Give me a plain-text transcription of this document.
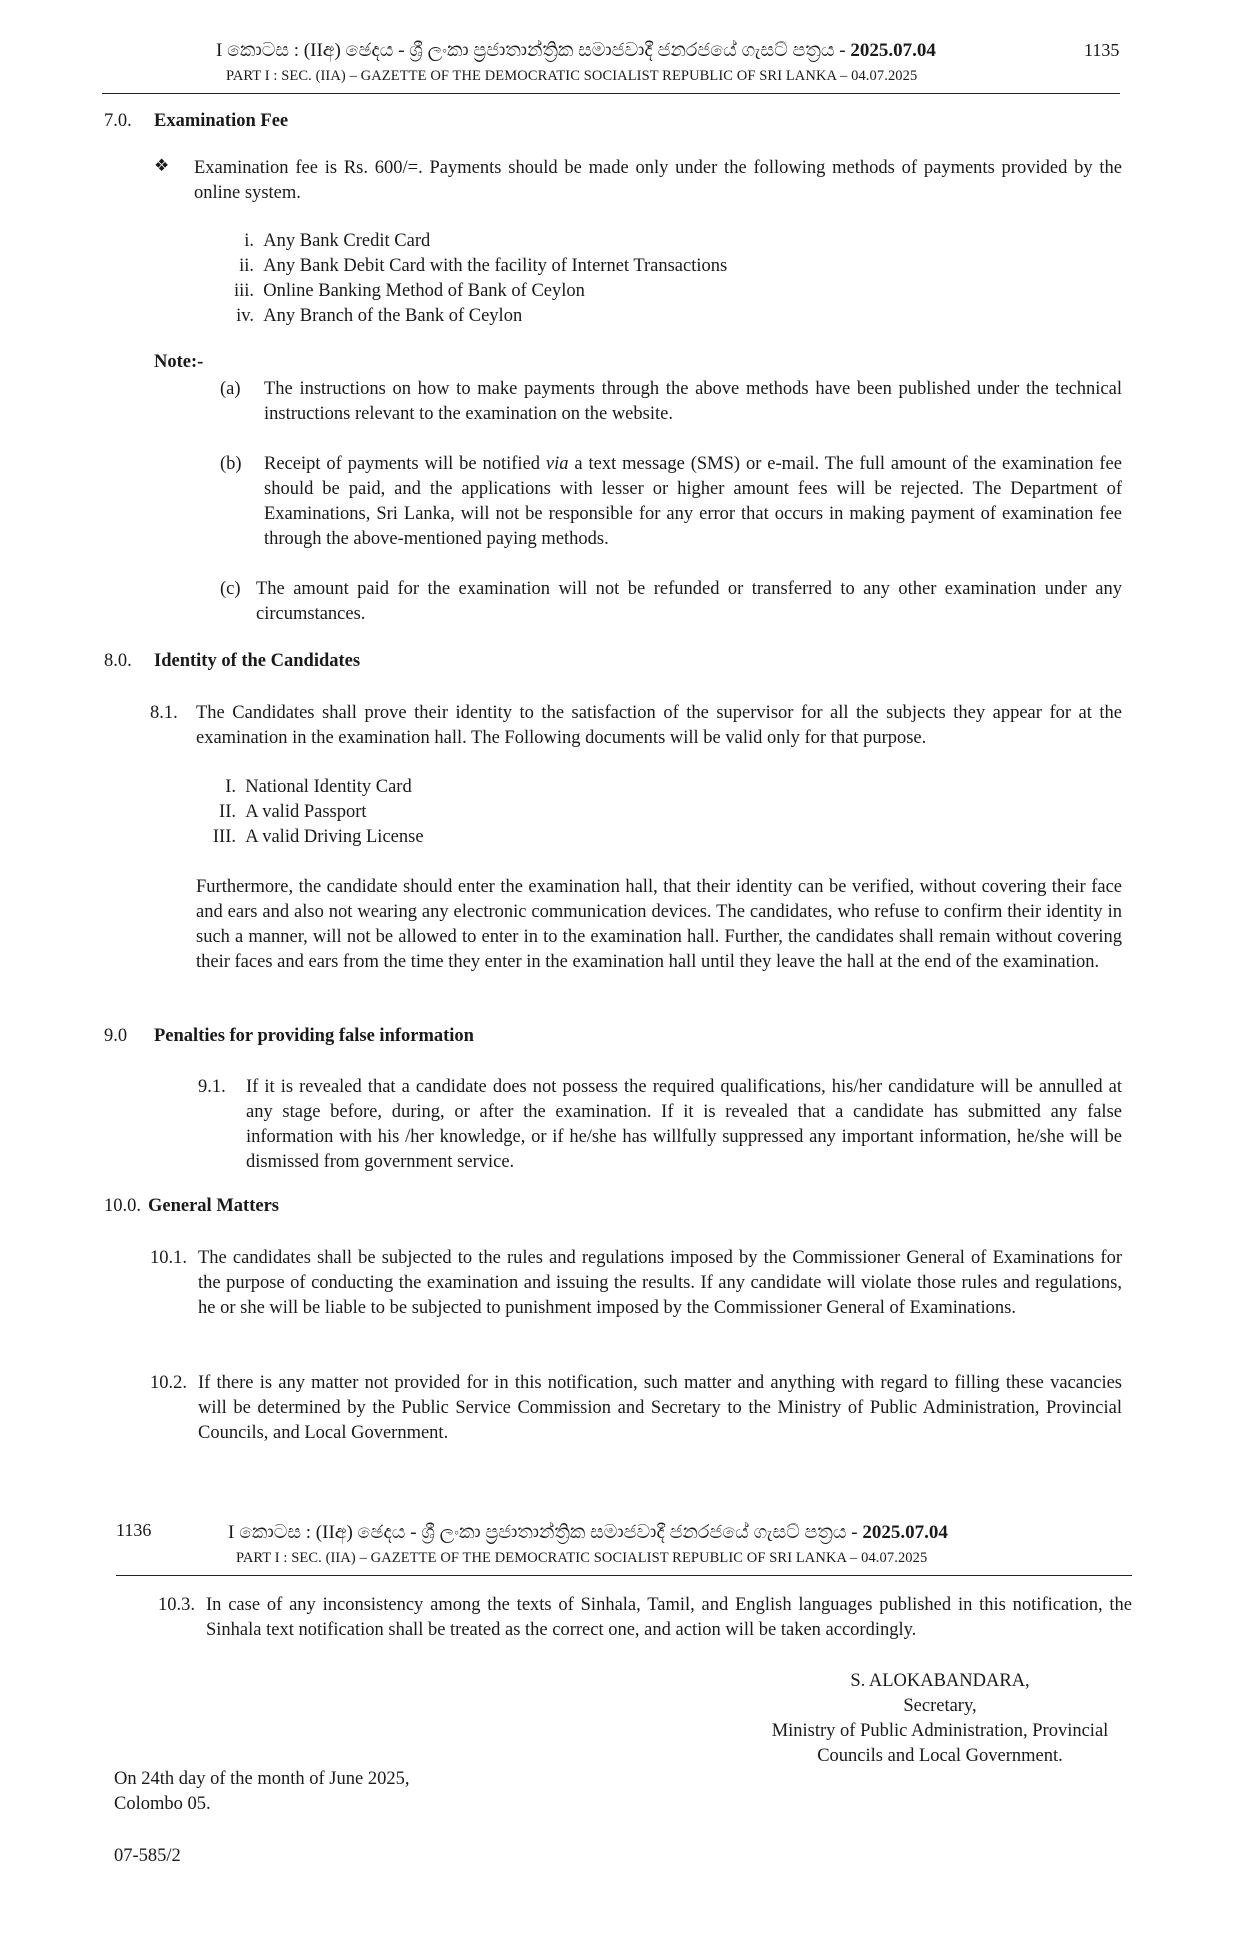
I කොටස : (IIඅ) ඡෙදය - ශ්‍රී ලංකා ප්‍රජාතාන්ත්‍රික සමාජවාදී ජනරජයේ ගැසට් පත්‍රය - 2025.07.04	1135
PART I : SEC. (IIA) – GAZETTE OF THE DEMOCRATIC SOCIALIST REPUBLIC OF SRI LANKA – 04.07.2025
7.0. Examination Fee
❖ Examination fee is Rs. 600/=. Payments should be made only under the following methods of payments provided by the online system.
i. Any Bank Credit Card
ii. Any Bank Debit Card with the facility of Internet Transactions
iii. Online Banking Method of Bank of Ceylon
iv. Any Branch of the Bank of Ceylon
Note:-
(a) The instructions on how to make payments through the above methods have been published under the technical instructions relevant to the examination on the website.
(b) Receipt of payments will be notified via a text message (SMS) or e-mail. The full amount of the examination fee should be paid, and the applications with lesser or higher amount fees will be rejected. The Department of Examinations, Sri Lanka, will not be responsible for any error that occurs in making payment of examination fee through the above-mentioned paying methods.
(c) The amount paid for the examination will not be refunded or transferred to any other examination under any circumstances.
8.0. Identity of the Candidates
8.1. The Candidates shall prove their identity to the satisfaction of the supervisor for all the subjects they appear for at the examination in the examination hall. The Following documents will be valid only for that purpose.
I. National Identity Card
II. A valid Passport
III. A valid Driving License
Furthermore, the candidate should enter the examination hall, that their identity can be verified, without covering their face and ears and also not wearing any electronic communication devices. The candidates, who refuse to confirm their identity in such a manner, will not be allowed to enter in to the examination hall. Further, the candidates shall remain without covering their faces and ears from the time they enter in the examination hall until they leave the hall at the end of the examination.
9.0 Penalties for providing false information
9.1. If it is revealed that a candidate does not possess the required qualifications, his/her candidature will be annulled at any stage before, during, or after the examination. If it is revealed that a candidate has submitted any false information with his /her knowledge, or if he/she has willfully suppressed any important information, he/she will be dismissed from government service.
10.0. General Matters
10.1. The candidates shall be subjected to the rules and regulations imposed by the Commissioner General of Examinations for the purpose of conducting the examination and issuing the results. If any candidate will violate those rules and regulations, he or she will be liable to be subjected to punishment imposed by the Commissioner General of Examinations.
10.2. If there is any matter not provided for in this notification, such matter and anything with regard to filling these vacancies will be determined by the Public Service Commission and Secretary to the Ministry of Public Administration, Provincial Councils, and Local Government.
1136	I කොටස : (IIඅ) ඡෙදය - ශ්‍රී ලංකා ප්‍රජාතාන්ත්‍රික සමාජවාදී ජනරජයේ ගැසට් පත්‍රය - 2025.07.04
PART I : SEC. (IIA) – GAZETTE OF THE DEMOCRATIC SOCIALIST REPUBLIC OF SRI LANKA – 04.07.2025
10.3. In case of any inconsistency among the texts of Sinhala, Tamil, and English languages published in this notification, the Sinhala text notification shall be treated as the correct one, and action will be taken accordingly.
S. ALOKABANDARA,
Secretary,
Ministry of Public Administration, Provincial
Councils and Local Government.
On 24th day of the month of June 2025,
Colombo 05.
07-585/2
